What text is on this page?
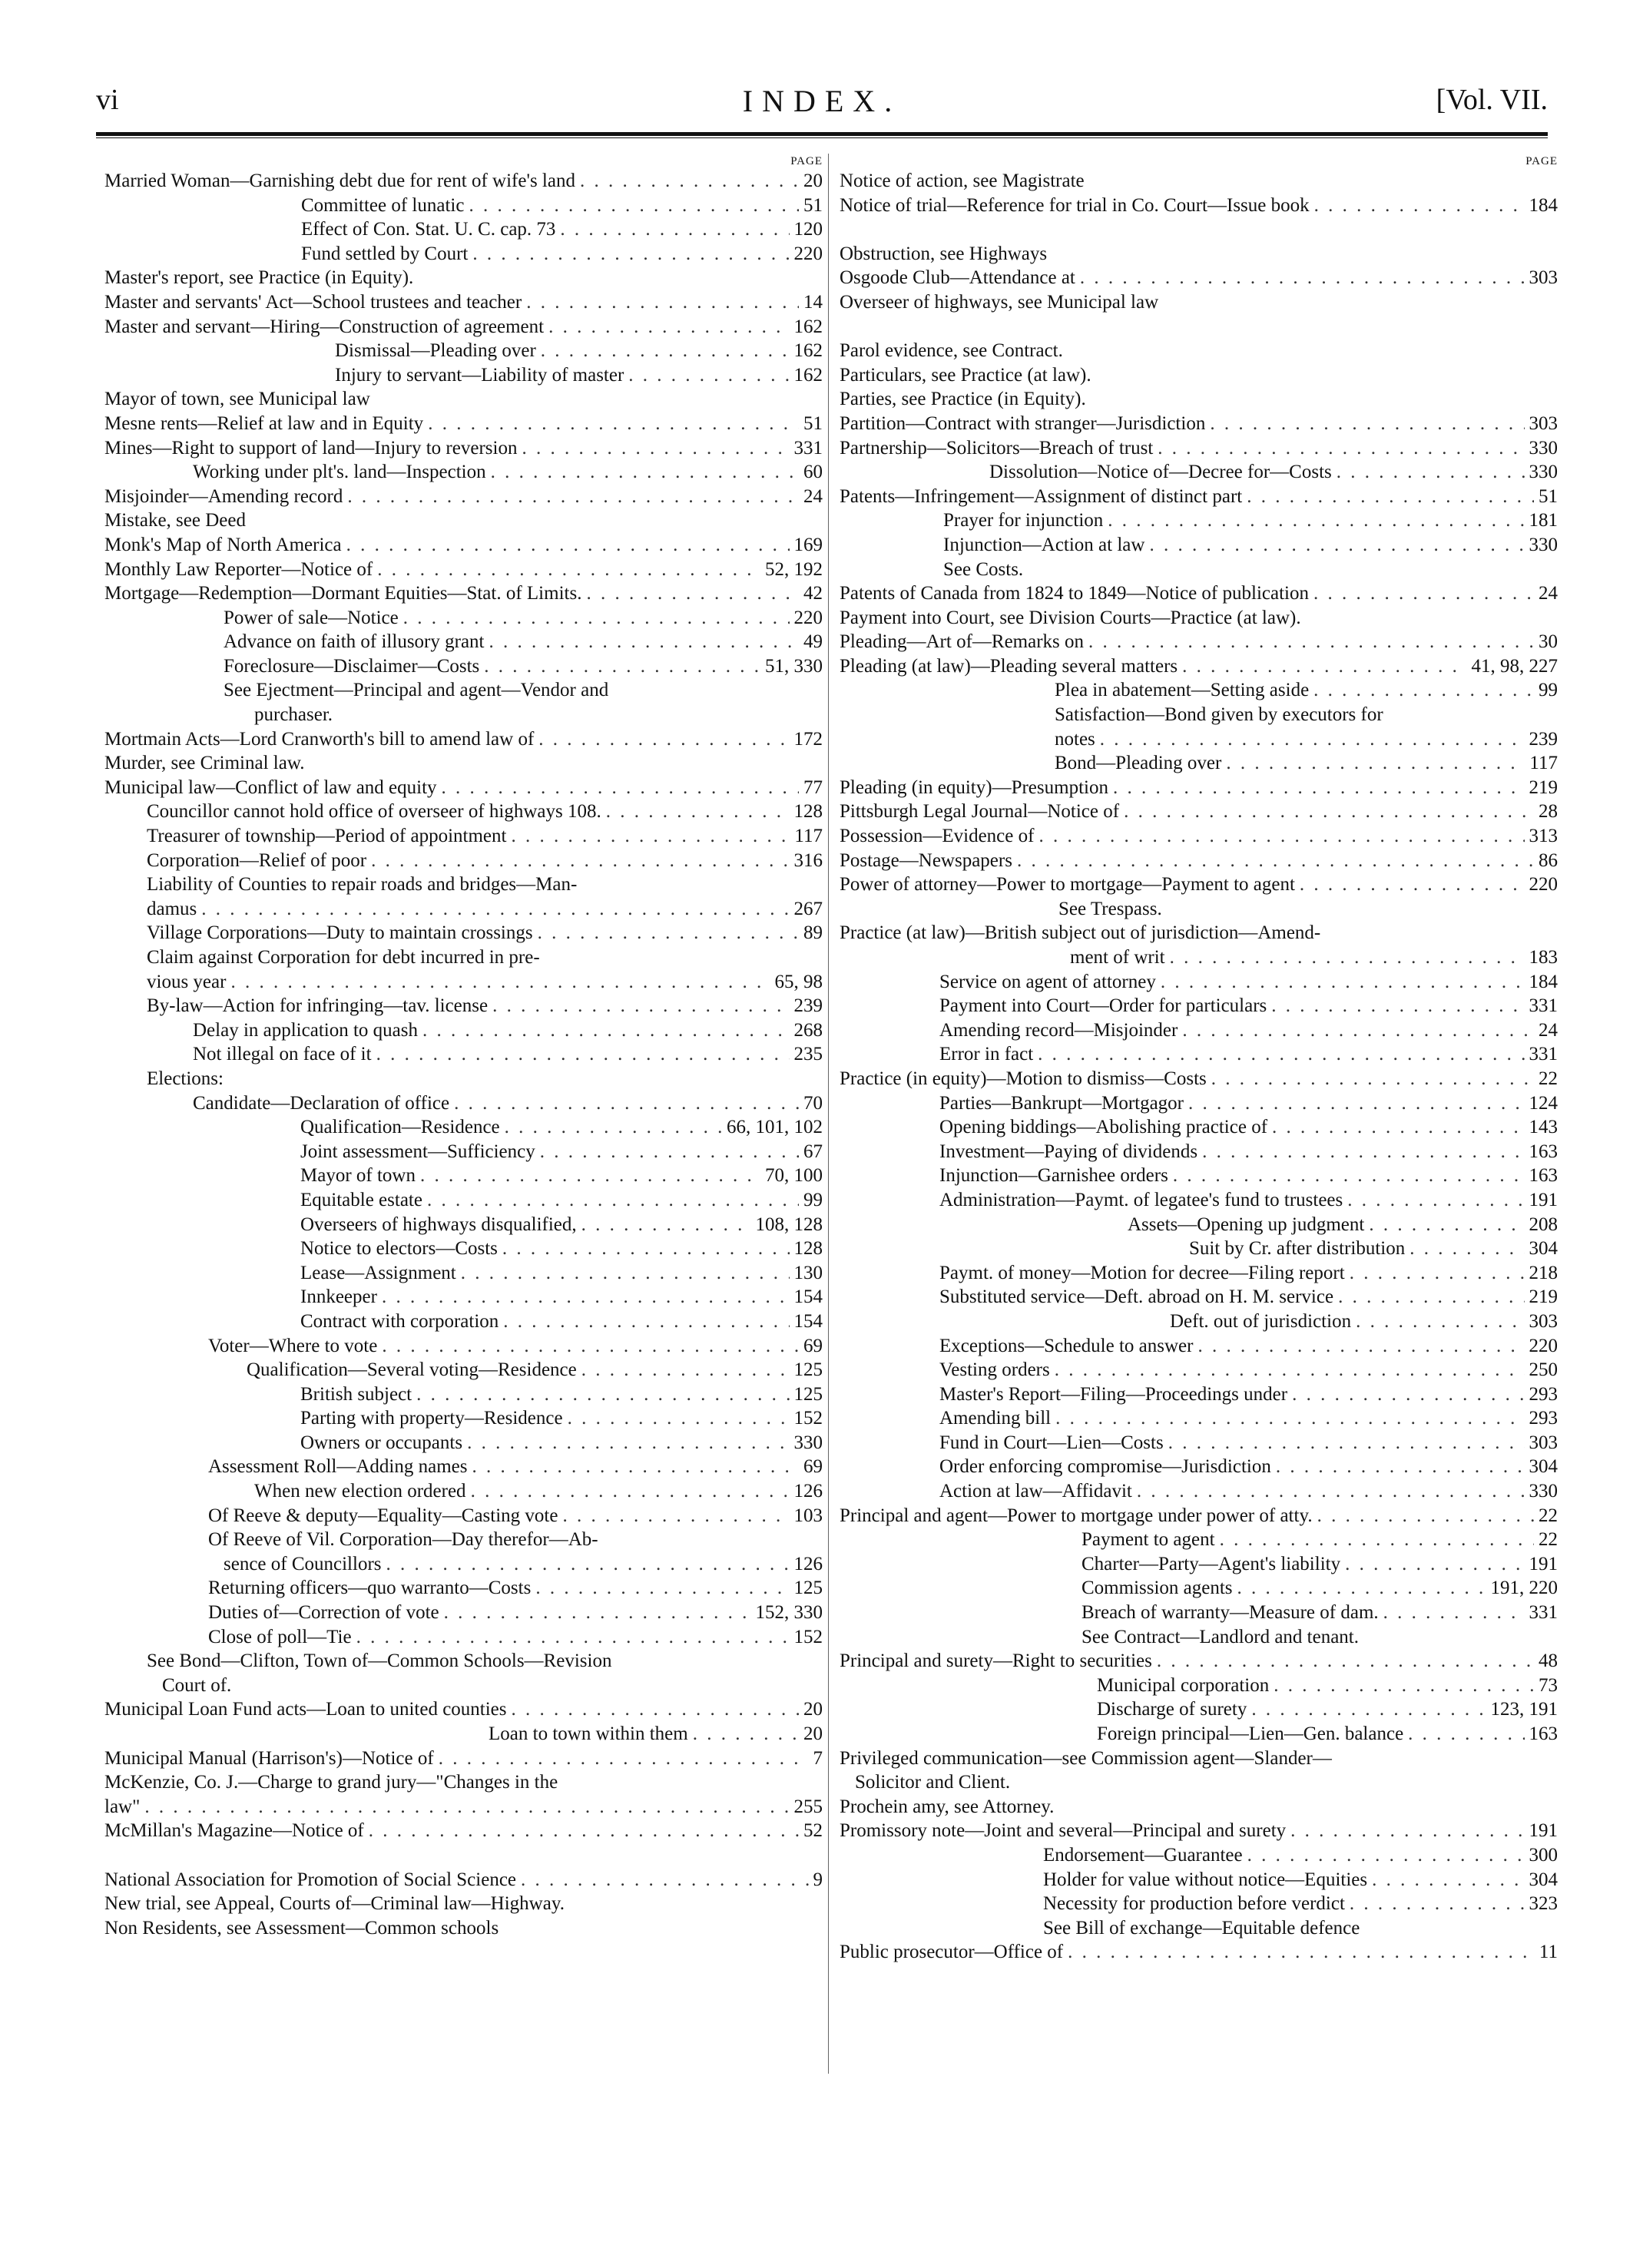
vi	INDEX.	[Vol. VII.
PAGE
Married Woman—Garnishing debt due for rent of wife's land . . .	20
Committee of lunatic . . .	51
Effect of Con. Stat. U. C. cap. 73 . . .	120
Fund settled by Court . . .	220
Master's report, see Practice (in Equity).
Master and servants' Act—School trustees and teacher . . .	14
Master and servant—Hiring—Construction of agreement . . .	162
Dismissal—Pleading over . . .	162
Injury to servant—Liability of master . . .	162
Mayor of town, see Municipal law
Mesne rents—Relief at law and in Equity . . .	51
Mines—Right to support of land—Injury to reversion . . .	331
Working under plt's. land—Inspection . . .	60
Misjoinder—Amending record . . .	24
Mistake, see Deed
Monk's Map of North America . . .	169
Monthly Law Reporter—Notice of . . .	52, 192
Mortgage—Redemption—Dormant Equities—Stat. of Limits. . . .	42
Power of sale—Notice . . .	220
Advance on faith of illusory grant . . .	49
Foreclosure—Disclaimer—Costs . . .	51, 330
See Ejectment—Principal and agent—Vendor and
purchaser.
Mortmain Acts—Lord Cranworth's bill to amend law of . . .	172
Murder, see Criminal law.
Municipal law—Conflict of law and equity . . .	77
Councillor cannot hold office of overseer of highways 108. . . .	128
Treasurer of township—Period of appointment . . .	117
Corporation—Relief of poor . . .	316
Liability of Counties to repair roads and bridges—Man-
damus . . .	267
Village Corporations—Duty to maintain crossings . . .	89
Claim against Corporation for debt incurred in pre-
vious year . . .	65, 98
By-law—Action for infringing—tav. license . . .	239
Delay in application to quash . . .	268
Not illegal on face of it . . .	235
Elections:
Candidate—Declaration of office . . .	70
Qualification—Residence . . .	66, 101, 102
Joint assessment—Sufficiency . . .	67
Mayor of town . . .	70, 100
Equitable estate . . .	99
Overseers of highways disqualified, . . .	108, 128
Notice to electors—Costs . . .	128
Lease—Assignment . . .	130
Innkeeper . . .	154
Contract with corporation . . .	154
Voter—Where to vote . . .	69
Qualification—Several voting—Residence . . .	125
British subject . . .	125
Parting with property—Residence . . .	152
Owners or occupants . . .	330
Assessment Roll—Adding names . . .	69
When new election ordered . . .	126
Of Reeve & deputy—Equality—Casting vote . . .	103
Of Reeve of Vil. Corporation—Day therefor—Ab-
sence of Councillors . . .	126
Returning officers—quo warranto—Costs . . .	125
Duties of—Correction of vote . . .	152, 330
Close of poll—Tie . . .	152
See Bond—Clifton, Town of—Common Schools—Revision
Court of.
Municipal Loan Fund acts—Loan to united counties . . .	20
Loan to town within them . . .	20
Municipal Manual (Harrison's)—Notice of . . .	7
McKenzie, Co. J.—Charge to grand jury—"Changes in the
law" . . .	255
McMillan's Magazine—Notice of . . .	52
National Association for Promotion of Social Science . . .	9
New trial, see Appeal, Courts of—Criminal law—Highway.
Non Residents, see Assessment—Common schools
PAGE
Notice of action, see Magistrate
Notice of trial—Reference for trial in Co. Court—Issue book . . .	184
Obstruction, see Highways
Osgoode Club—Attendance at . . .	303
Overseer of highways, see Municipal law
Parol evidence, see Contract.
Particulars, see Practice (at law).
Parties, see Practice (in Equity).
Partition—Contract with stranger—Jurisdiction . . .	303
Partnership—Solicitors—Breach of trust . . .	330
Dissolution—Notice of—Decree for—Costs . . .	330
Patents—Infringement—Assignment of distinct part . . .	51
Prayer for injunction . . .	181
Injunction—Action at law . . .	330
See Costs.
Patents of Canada from 1824 to 1849—Notice of publication . . .	24
Payment into Court, see Division Courts—Practice (at law).
Pleading—Art of—Remarks on . . .	30
Pleading (at law)—Pleading several matters . . .	41, 98, 227
Plea in abatement—Setting aside . . .	99
Satisfaction—Bond given by executors for
notes . . .	239
Bond—Pleading over . . .	117
Pleading (in equity)—Presumption . . .	219
Pittsburgh Legal Journal—Notice of . . .	28
Possession—Evidence of . . .	313
Postage—Newspapers . . .	86
Power of attorney—Power to mortgage—Payment to agent . . .	220
See Trespass.
Practice (at law)—British subject out of jurisdiction—Amend-
ment of writ . . .	183
Service on agent of attorney . . .	184
Payment into Court—Order for particulars . . .	331
Amending record—Misjoinder . . .	24
Error in fact . . .	331
Practice (in equity)—Motion to dismiss—Costs . . .	22
Parties—Bankrupt—Mortgagor . . .	124
Opening biddings—Abolishing practice of . . .	143
Investment—Paying of dividends . . .	163
Injunction—Garnishee orders . . .	163
Administration—Paymt. of legatee's fund to trustees . . .	191
Assets—Opening up judgment . . .	208
Suit by Cr. after distribution . . .	304
Paymt. of money—Motion for decree—Filing report . . .	218
Substituted service—Deft. abroad on H. M. service . . .	219
Deft. out of jurisdiction . . .	303
Exceptions—Schedule to answer . . .	220
Vesting orders . . .	250
Master's Report—Filing—Proceedings under . . .	293
Amending bill . . .	293
Fund in Court—Lien—Costs . . .	303
Order enforcing compromise—Jurisdiction . . .	304
Action at law—Affidavit . . .	330
Principal and agent—Power to mortgage under power of atty. . . .	22
Payment to agent . . .	22
Charter—Party—Agent's liability . . .	191
Commission agents . . .	191, 220
Breach of warranty—Measure of dam. . . .	331
See Contract—Landlord and tenant.
Principal and surety—Right to securities . . .	48
Municipal corporation . . .	73
Discharge of surety . . .	123, 191
Foreign principal—Lien—Gen. balance . . .	163
Privileged communication—see Commission agent—Slander—
Solicitor and Client.
Prochein amy, see Attorney.
Promissory note—Joint and several—Principal and surety . . .	191
Endorsement—Guarantee . . .	300
Holder for value without notice—Equities . . .	304
Necessity for production before verdict . . .	323
See Bill of exchange—Equitable defence
Public prosecutor—Office of . . .	11
